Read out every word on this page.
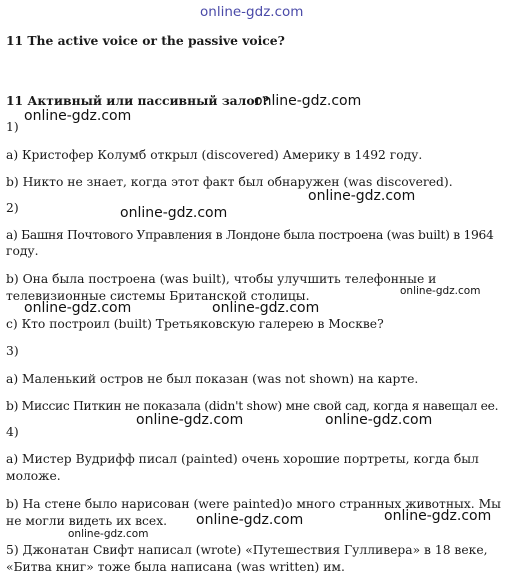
online-gdz.com
online-gdz.com
online-gdz.com
online-gdz.com
online-gdz.com
online-gdz.com
online-gdz.com	online-gdz.com
online-gdz.com	online-gdz.com
online-gdz.com
online-gdz.com
online-gdz.com
11 The active voice or the passive voice?
11 Активный или пассивный залог?
1)
a) Кристофер Колумб открыл (discovered) Америку в 1492 году.
b) Никто не знает, когда этот факт был обнаружен (was discovered).
2)
a) Башня Почтового Управления в Лондоне была построена (was built) в 1964
году.
b) Она была построена (was built), чтобы улучшить телефонные и
телевизионные системы Британской столицы.
c) Кто построил (built) Третьяковскую галерею в Москве?
3)
a) Маленький остров не был показан (was not shown) на карте.
b) Миссис Питкин не показала (didn't show) мне свой сад, когда я навещал ее.
4)
a) Мистер Вудрифф писал (painted) очень хорошие портреты, когда был
моложе.
b) На стене было нарисован (were painted)о много странных животных. Мы
не могли видеть их всех.
5) Джонатан Свифт написал (wrote) «Путешествия Гулливера» в 18 веке,
«Битва книг» тоже была написана (was written) им.
